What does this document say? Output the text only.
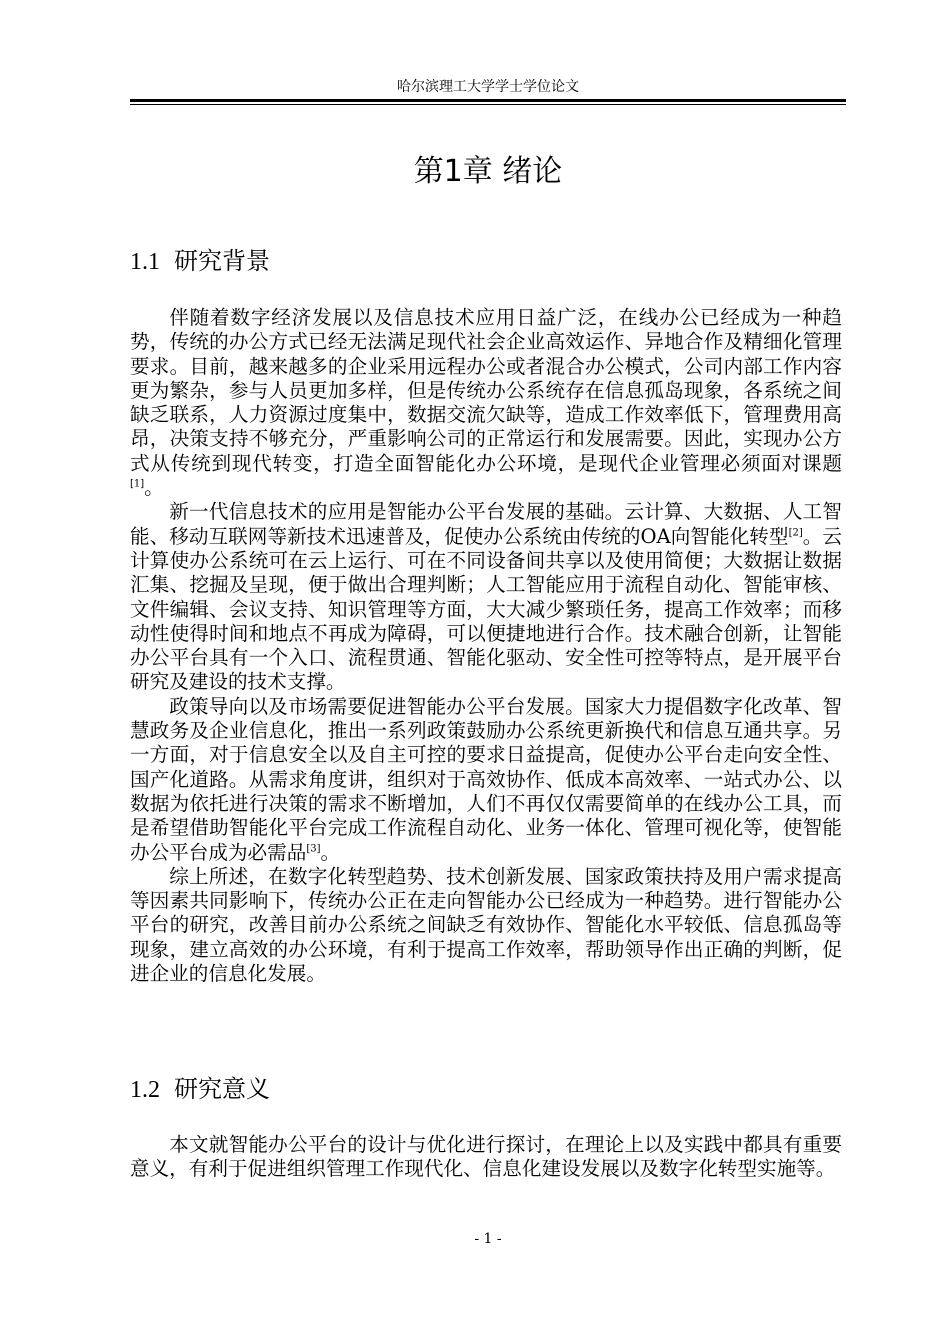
哈尔滨理工大学学士学位论文
第1章 绪论
1.1 研究背景

伴随着数字经济发展以及信息技术应用日益广泛，在线办公已经成为一种趋势，传统的办公方式已经无法满足现代社会企业高效运作、异地合作及精细化管理要求。目前，越来越多的企业采用远程办公或者混合办公模式，公司内部工作内容更为繁杂，参与人员更加多样，但是传统办公系统存在信息孤岛现象，各系统之间缺乏联系，人力资源过度集中，数据交流欠缺等，造成工作效率低下，管理费用高昂，决策支持不够充分，严重影响公司的正常运行和发展需要。因此，实现办公方式从传统到现代转变，打造全面智能化办公环境，是现代企业管理必须面对课题[1]。

新一代信息技术的应用是智能办公平台发展的基础。云计算、大数据、人工智能、移动互联网等新技术迅速普及，促使办公系统由传统的OA向智能化转型[2]。云计算使办公系统可在云上运行、可在不同设备间共享以及使用简便；大数据让数据汇集、挖掘及呈现，便于做出合理判断；人工智能应用于流程自动化、智能审核、文件编辑、会议支持、知识管理等方面，大大减少繁琐任务，提高工作效率；而移动性使得时间和地点不再成为障碍，可以便捷地进行合作。技术融合创新，让智能办公平台具有一个入口、流程贯通、智能化驱动、安全性可控等特点，是开展平台研究及建设的技术支撑。

政策导向以及市场需要促进智能办公平台发展。国家大力提倡数字化改革、智慧政务及企业信息化，推出一系列政策鼓励办公系统更新换代和信息互通共享。另一方面，对于信息安全以及自主可控的要求日益提高，促使办公平台走向安全性、国产化道路。从需求角度讲，组织对于高效协作、低成本高效率、一站式办公、以数据为依托进行决策的需求不断增加，人们不再仅仅需要简单的在线办公工具，而是希望借助智能化平台完成工作流程自动化、业务一体化、管理可视化等，使智能办公平台成为必需品[3]。

综上所述，在数字化转型趋势、技术创新发展、国家政策扶持及用户需求提高等因素共同影响下，传统办公正在走向智能办公已经成为一种趋势。进行智能办公平台的研究，改善目前办公系统之间缺乏有效协作、智能化水平较低、信息孤岛等现象，建立高效的办公环境，有利于提高工作效率，帮助领导作出正确的判断，促进企业的信息化发展。

1.2 研究意义

本文就智能办公平台的设计与优化进行探讨，在理论上以及实践中都具有重要意义，有利于促进组织管理工作现代化、信息化建设发展以及数字化转型实施等。

- 1 -
